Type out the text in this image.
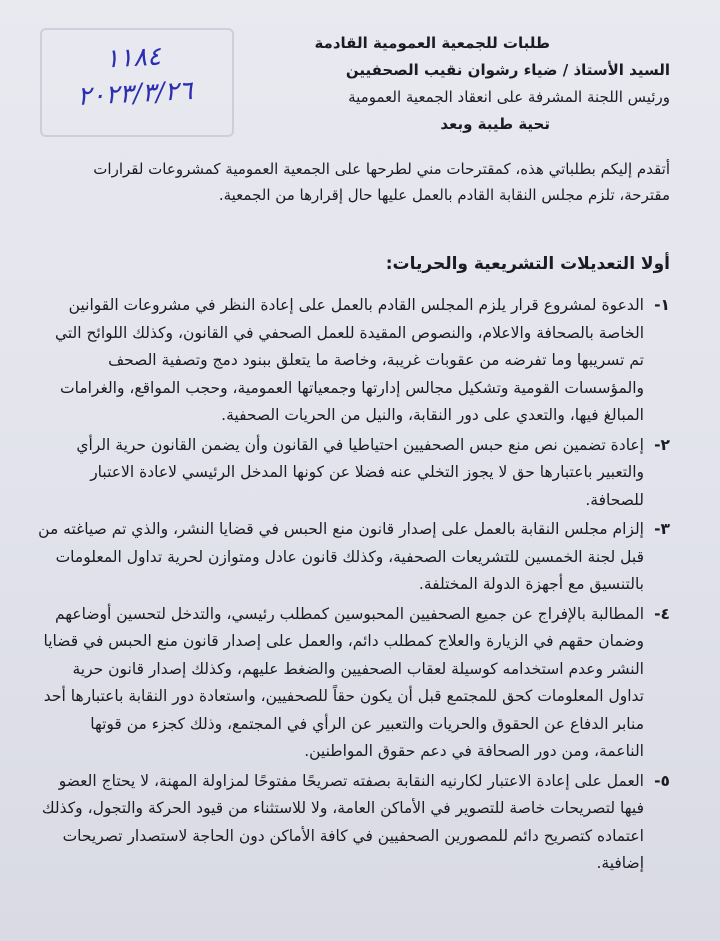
١١٨٤
٢٠٢٣/٣/٢٦
طلبات للجمعية العمومية القادمة
السيد الأستاذ / ضياء رشوان نقيب الصحفيين
ورئيس اللجنة المشرفة على انعقاد الجمعية العمومية
تحية طيبة وبعد
أتقدم إليكم بطلباتي هذه، كمقترحات مني لطرحها على الجمعية العمومية كمشروعات لقرارات مقترحة، تلزم مجلس النقابة القادم بالعمل عليها حال إقرارها من الجمعية.
أولا التعديلات التشريعية والحريات:
١-
الدعوة لمشروع قرار يلزم المجلس القادم بالعمل على إعادة النظر في مشروعات القوانين الخاصة بالصحافة والاعلام، والنصوص المقيدة للعمل الصحفي في القانون، وكذلك اللوائح التي تم تسريبها وما تفرضه من عقوبات غريبة، وخاصة ما يتعلق ببنود دمج وتصفية الصحف والمؤسسات القومية وتشكيل مجالس إدارتها وجمعياتها العمومية، وحجب المواقع، والغرامات المبالغ فيها، والتعدي على دور النقابة، والنيل من الحريات الصحفية.
٢-
إعادة تضمين نص منع حبس الصحفيين احتياطيا في القانون وأن يضمن القانون حرية الرأي والتعبير باعتبارها حق لا يجوز التخلي عنه فضلا عن كونها المدخل الرئيسي لاعادة الاعتبار للصحافة.
٣-
إلزام مجلس النقابة بالعمل على إصدار قانون منع الحبس في قضايا النشر، والذي تم صياغته من قبل لجنة الخمسين للتشريعات الصحفية، وكذلك قانون عادل ومتوازن لحرية تداول المعلومات بالتنسيق مع أجهزة الدولة المختلفة.
٤-
المطالبة بالإفراج عن جميع الصحفيين المحبوسين كمطلب رئيسي، والتدخل لتحسين أوضاعهم وضمان حقهم في الزيارة والعلاج كمطلب دائم، والعمل على إصدار قانون منع الحبس في قضايا النشر وعدم استخدامه كوسيلة لعقاب الصحفيين والضغط عليهم، وكذلك إصدار قانون حرية تداول المعلومات كحق للمجتمع قبل أن يكون حقاً للصحفيين، واستعادة دور النقابة باعتبارها أحد منابر الدفاع عن الحقوق والحريات والتعبير عن الرأي في المجتمع، وذلك كجزء من قوتها الناعمة، ومن دور الصحافة في دعم حقوق المواطنين.
٥-
العمل على إعادة الاعتبار لكارنيه النقابة بصفته تصريحًا مفتوحًا لمزاولة المهنة، لا يحتاج العضو فيها لتصريحات خاصة للتصوير في الأماكن العامة، ولا للاستثناء من قيود الحركة والتجول، وكذلك اعتماده كتصريح دائم للمصورين الصحفيين في كافة الأماكن دون الحاجة لاستصدار تصريحات إضافية.
